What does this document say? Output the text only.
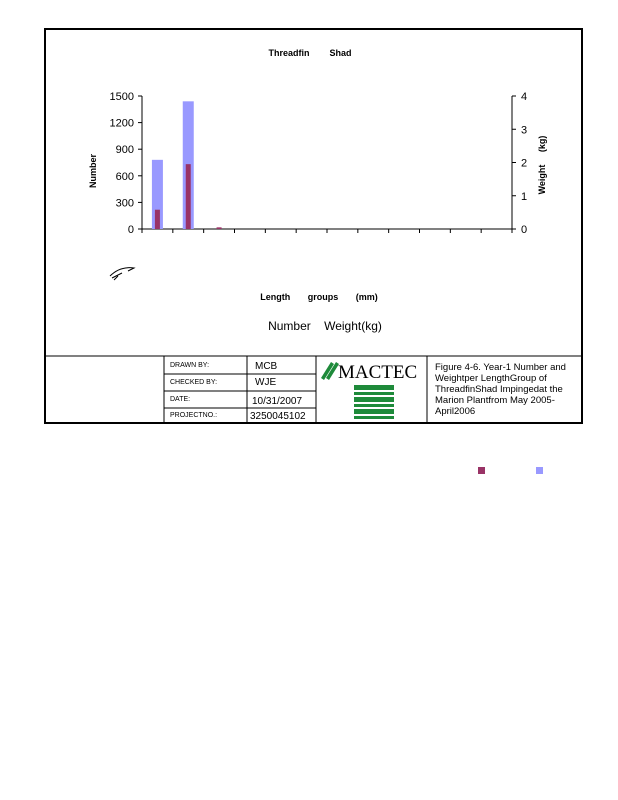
Threadfin        Shad
0
300
600
900
1200
1500
0
1
2
3
4
Number	Weight     (kg)
Length       groups       (mm)
Number    Weight(kg)
MACTEC
DRAWN BY:
CHECKED BY:
DATE:
PROJECTNO.:
MCB
WJE
10/31/2007
3250045102
Figure 4-6. Year-1 Number and Weightper LengthGroup of ThreadfinShad Impingedat the Marion Plantfrom May 2005-April2006
